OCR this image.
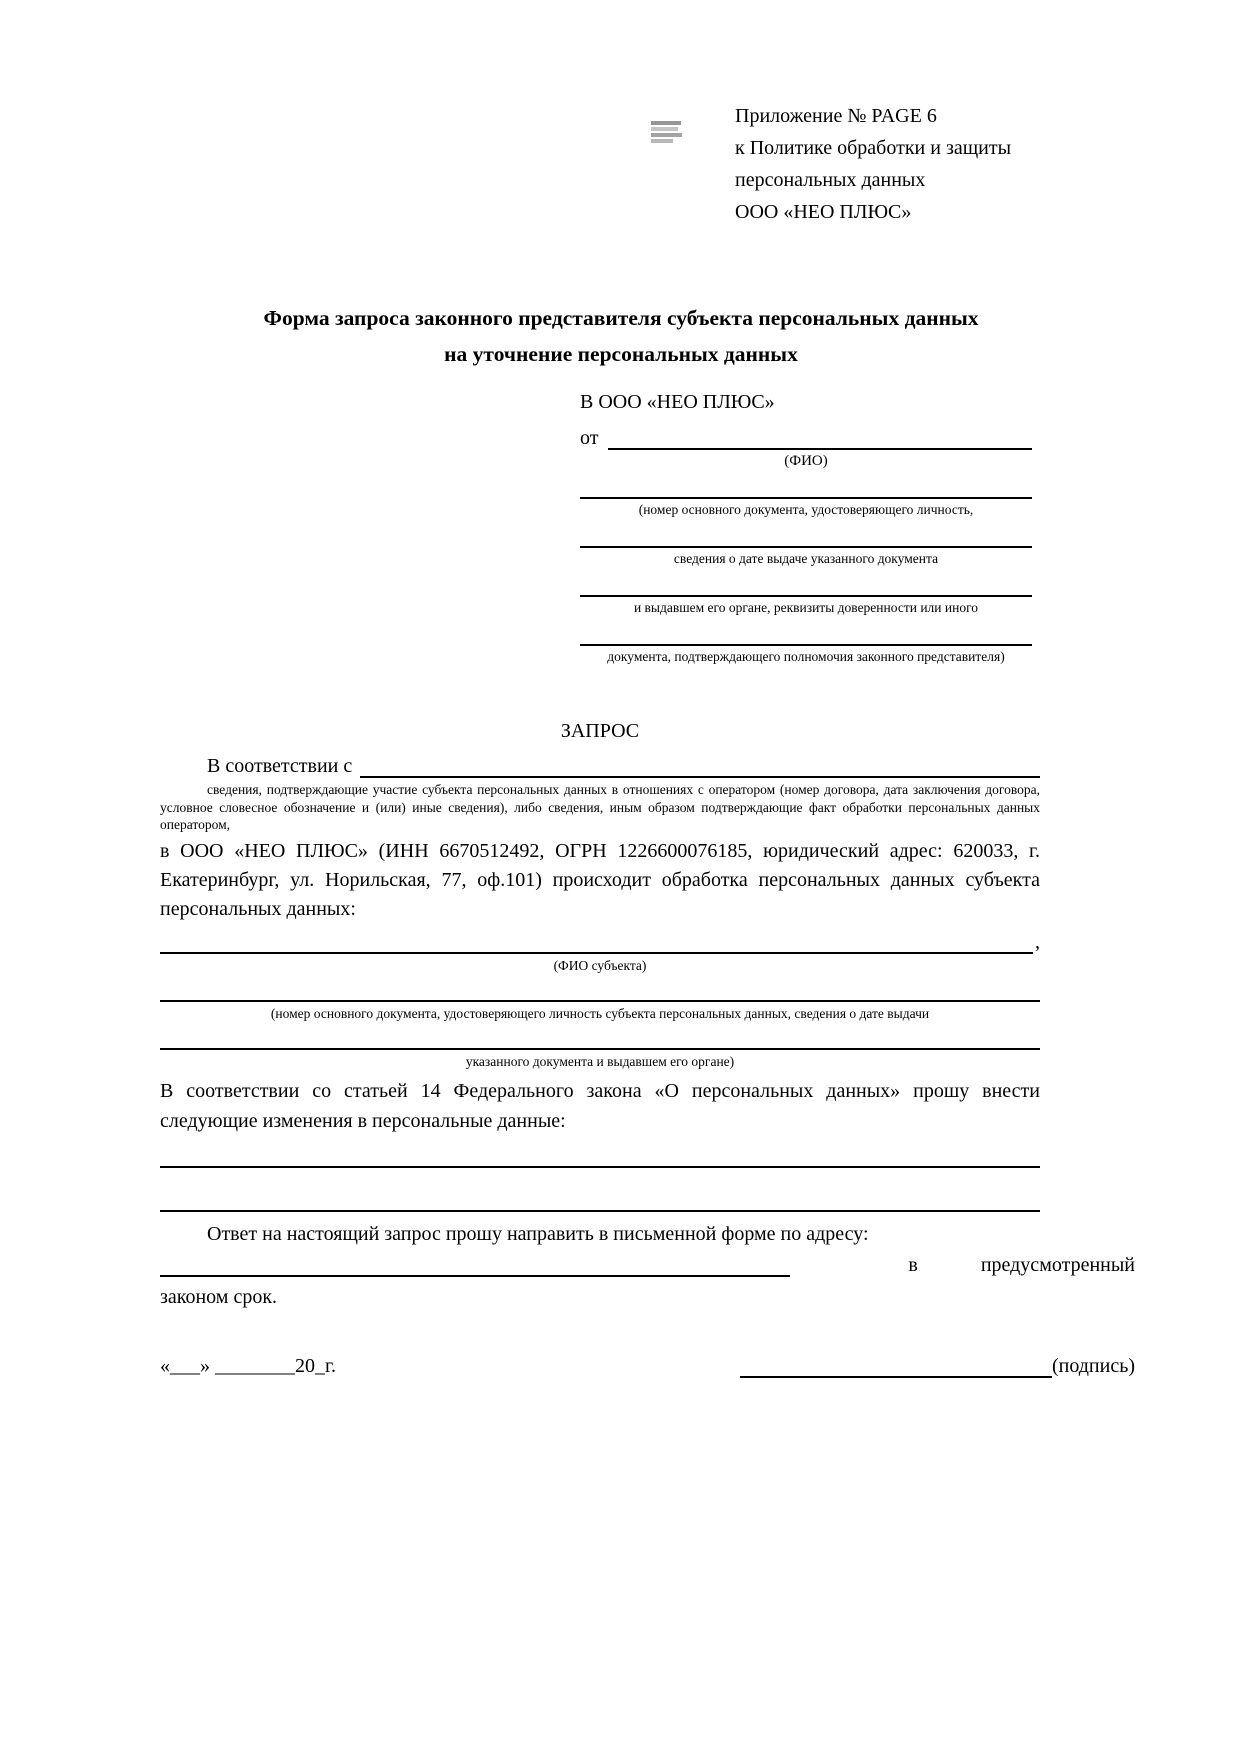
Приложение № PAGE 6
к Политике обработки и защиты
персональных данных
ООО «НЕО ПЛЮС»
Форма запроса законного представителя субъекта персональных данных
на уточнение персональных данных
В ООО «НЕО ПЛЮС»
от
(ФИО)
(номер основного документа, удостоверяющего личность,
сведения о дате выдаче указанного документа
и выдавшем его органе, реквизиты доверенности или иного
документа, подтверждающего полномочия законного представителя)
ЗАПРОС
В соответствии с
сведения, подтверждающие участие субъекта персональных данных в отношениях с оператором (номер договора, дата заключения договора, условное словесное обозначение и (или) иные сведения), либо сведения, иным образом подтверждающие факт обработки персональных данных оператором,
в ООО «НЕО ПЛЮС» (ИНН 6670512492, ОГРН 1226600076185, юридический адрес: 620033, г. Екатеринбург, ул. Норильская, 77, оф.101) происходит обработка персональных данных субъекта персональных данных:
,
(ФИО субъекта)
(номер основного документа, удостоверяющего личность субъекта персональных данных, сведения о дате выдачи
указанного документа и выдавшем его органе)
В соответствии со статьей 14 Федерального закона «О персональных данных» прошу внести следующие изменения в персональные данные:
Ответ на настоящий запрос прошу направить в письменной форме по адресу:
в предусмотренный
законом срок.
«___» ________20_г.	(подпись)
